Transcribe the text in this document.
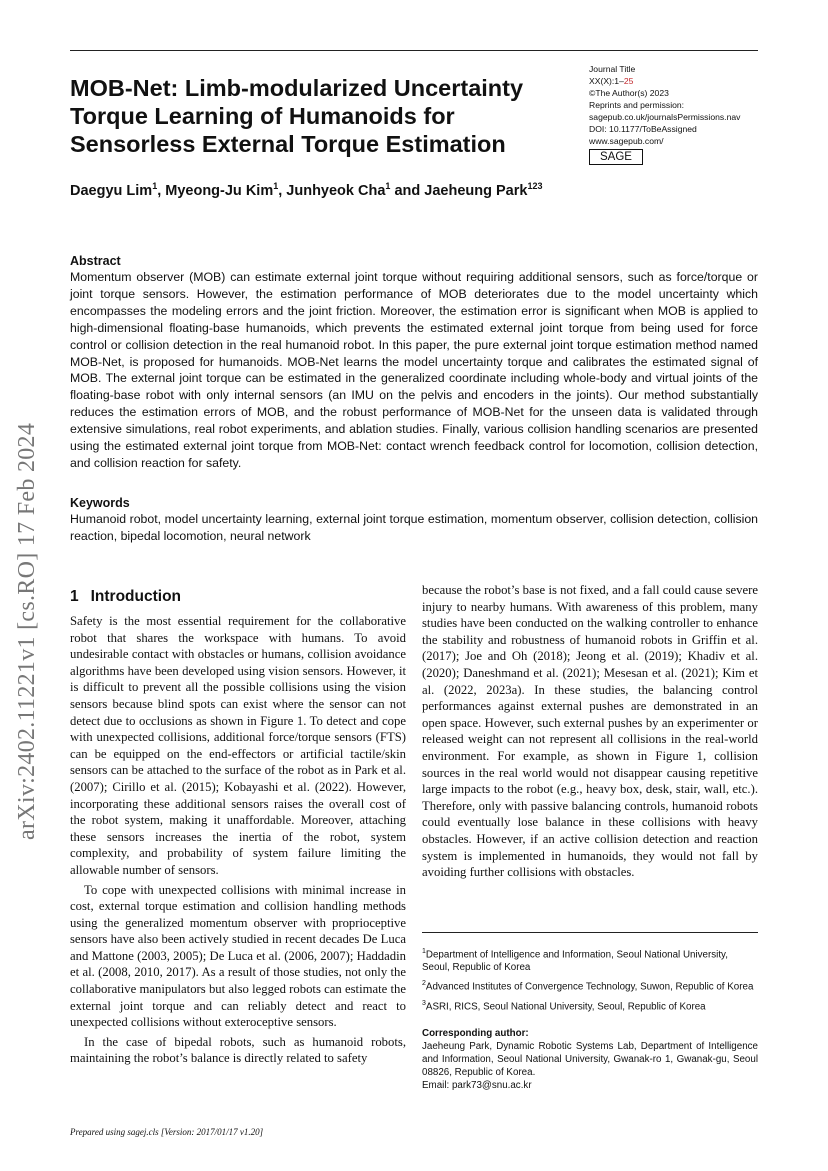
MOB-Net: Limb-modularized Uncertainty Torque Learning of Humanoids for Sensorless External Torque Estimation
Journal Title
XX(X):1–25
©The Author(s) 2023
Reprints and permission:
sagepub.co.uk/journalsPermissions.nav
DOI: 10.1177/ToBeAssigned
www.sagepub.com/
SAGE
Daegyu Lim$^1$, Myeong-Ju Kim$^1$, Junhyeok Cha$^1$ and Jaeheung Park$^{123}$
Abstract

Momentum observer (MOB) can estimate external joint torque without requiring additional sensors, such as force/torque or joint torque sensors. However, the estimation performance of MOB deteriorates due to the model uncertainty which encompasses the modeling errors and the joint friction. Moreover, the estimation error is significant when MOB is applied to high-dimensional floating-base humanoids, which prevents the estimated external joint torque from being used for force control or collision detection in the real humanoid robot. In this paper, the pure external joint torque estimation method named MOB-Net, is proposed for humanoids. MOB-Net learns the model uncertainty torque and calibrates the estimated signal of MOB. The external joint torque can be estimated in the generalized coordinate including whole-body and virtual joints of the floating-base robot with only internal sensors (an IMU on the pelvis and encoders in the joints). Our method substantially reduces the estimation errors of MOB, and the robust performance of MOB-Net for the unseen data is validated through extensive simulations, real robot experiments, and ablation studies. Finally, various collision handling scenarios are presented using the estimated external joint torque from MOB-Net: contact wrench feedback control for locomotion, collision detection, and collision reaction for safety.

Keywords

Humanoid robot, model uncertainty learning, external joint torque estimation, momentum observer, collision detection, collision reaction, bipedal locomotion, neural network

arXiv:2402.11221v1 [cs.RO] 17 Feb 2024 1 Introduction

Safety is the most essential requirement for the collaborative robot that shares the workspace with humans. To avoid undesirable contact with obstacles or humans, collision avoidance algorithms have been developed using vision sensors. However, it is difficult to prevent all the possible collisions using the vision sensors because blind spots can exist where the sensor can not detect due to occlusions as shown in Figure 1. To detect and cope with unexpected collisions, additional force/torque sensors (FTS) can be equipped on the end-effectors or artificial tactile/skin sensors can be attached to the surface of the robot as in Park et al. (2007); Cirillo et al. (2015); Kobayashi et al. (2022). However, incorporating these additional sensors raises the overall cost of the robot system, making it unaffordable. Moreover, attaching these sensors increases the inertia of the robot, system complexity, and probability of system failure limiting the allowable number of sensors.

To cope with unexpected collisions with minimal increase in cost, external torque estimation and collision handling methods using the generalized momentum observer with proprioceptive sensors have also been actively studied in recent decades De Luca and Mattone (2003, 2005); De Luca et al. (2006, 2007); Haddadin et al. (2008, 2010, 2017). As a result of those studies, not only the collaborative manipulators but also legged robots can estimate the external joint torque and can reliably detect and react to unexpected collisions without exteroceptive sensors.

In the case of bipedal robots, such as humanoid robots, maintaining the robot’s balance is directly related to safety

because the robot’s base is not fixed, and a fall could cause severe injury to nearby humans. With awareness of this problem, many studies have been conducted on the walking controller to enhance the stability and robustness of humanoid robots in Griffin et al. (2017); Joe and Oh (2018); Jeong et al. (2019); Khadiv et al. (2020); Daneshmand et al. (2021); Mesesan et al. (2021); Kim et al. (2022, 2023a). In these studies, the balancing control performances against external pushes are demonstrated in an open space. However, such external pushes by an experimenter or released weight can not represent all collisions in the real-world environment. For example, as shown in Figure 1, collision sources in the real world would not disappear causing repetitive large impacts to the robot (e.g., heavy box, desk, stair, wall, etc.). Therefore, only with passive balancing controls, humanoid robots could eventually lose balance in these collisions with heavy obstacles. However, if an active collision detection and reaction system is implemented in humanoids, they would not fall by avoiding further collisions with obstacles.

$^1$Department of Intelligence and Information, Seoul National University, Seoul, Republic of Korea

$^2$Advanced Institutes of Convergence Technology, Suwon, Republic of Korea

$^3$ASRI, RICS, Seoul National University, Seoul, Republic of Korea

Corresponding author:

Jaeheung Park, Dynamic Robotic Systems Lab, Department of Intelligence and Information, Seoul National University, Gwanak-ro 1, Gwanak-gu, Seoul 08826, Republic of Korea.

Email: park73@snu.ac.kr

Prepared using sagej.cls [Version: 2017/01/17 v1.20]
